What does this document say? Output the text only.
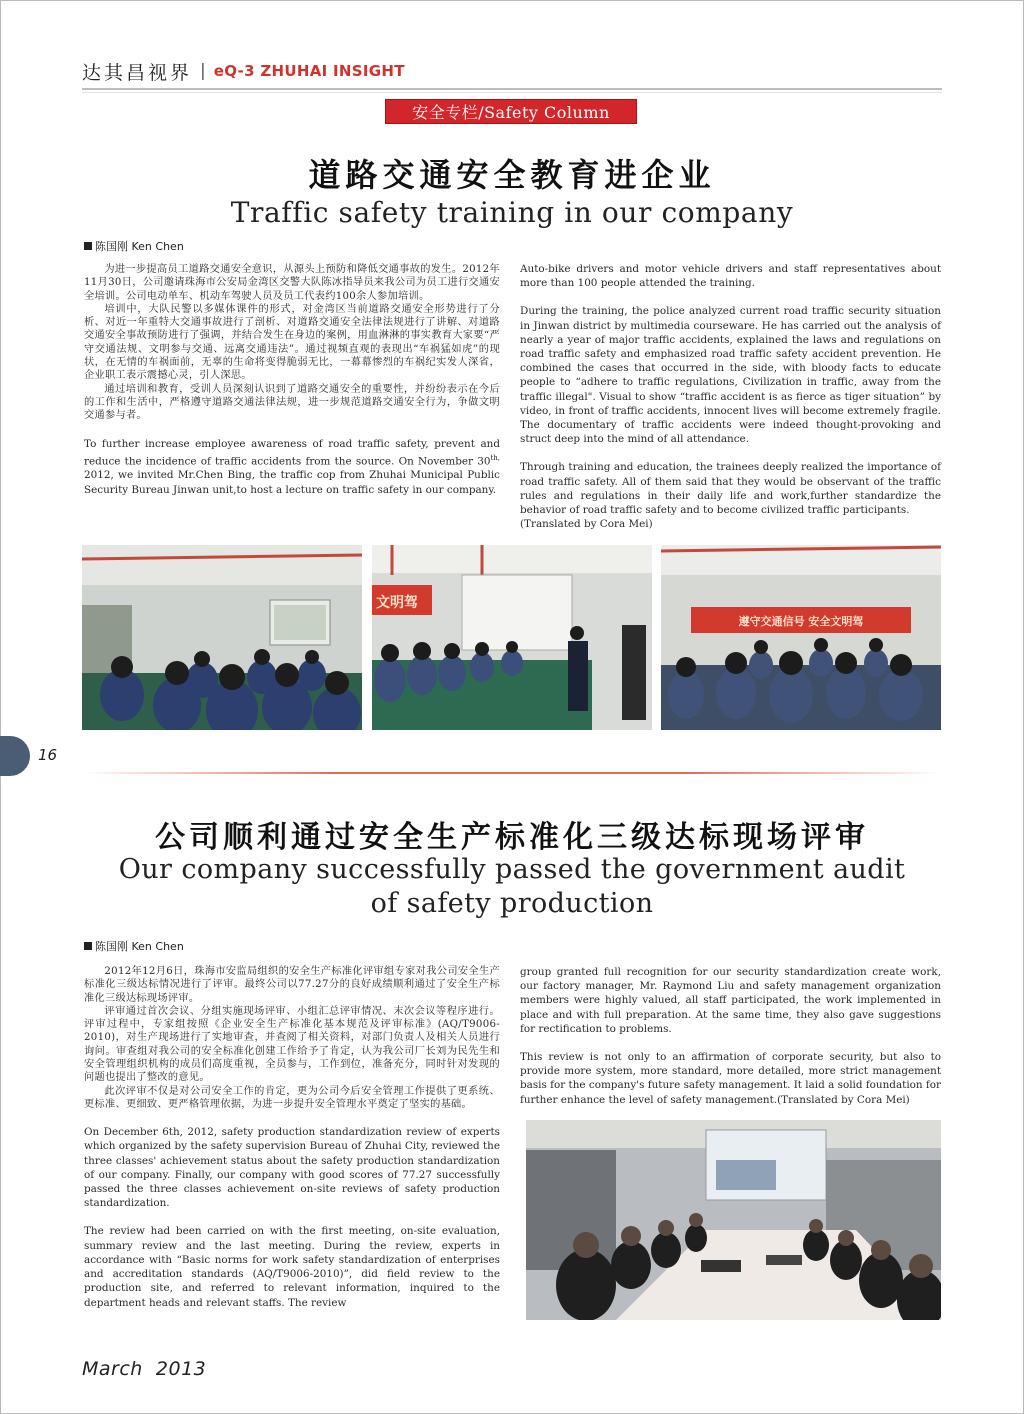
达其昌视界 | eQ-3 ZHUHAI INSIGHT
安全专栏/Safety Column
道路交通安全教育进企业
Traffic safety training in our company
陈国刚 Ken Chen

为进一步提高员工道路交通安全意识，从源头上预防和降低交通事故的发生。2012年11月30日，公司邀请珠海市公安局金湾区交警大队陈冰指导员来我公司为员工进行交通安全培训。公司电动单车、机动车驾驶人员及员工代表约100余人参加培训。

培训中，大队民警以多媒体课件的形式，对金湾区当前道路交通安全形势进行了分析、对近一年重特大交通事故进行了剖析、对道路交通安全法律法规进行了讲解、对道路交通安全事故预防进行了强调，并结合发生在身边的案例，用血淋淋的事实教育大家要“严守交通法规、文明参与交通、远离交通违法”。通过视频直观的表现出“车祸猛如虎”的现状，在无情的车祸面前，无辜的生命将变得脆弱无比，一幕幕惨烈的车祸纪实发人深省，企业职工表示震撼心灵，引人深思。

通过培训和教育，受训人员深刻认识到了道路交通安全的重要性，并纷纷表示在今后的工作和生活中，严格遵守道路交通法律法规，进一步规范道路交通安全行为，争做文明交通参与者。

To further increase employee awareness of road traffic safety, prevent and reduce the incidence of traffic accidents from the source. On November $30^{th,}$ 2012, we invited Mr.Chen Bing, the traffic cop from Zhuhai Municipal Public Security Bureau Jinwan unit,to host a lecture on traffic safety in our company.

Auto-bike drivers and motor vehicle drivers and staff representatives about more than 100 people attended the training.

During the training, the police analyzed current road traffic security situation in Jinwan district by multimedia courseware. He has carried out the analysis of nearly a year of major traffic accidents, explained the laws and regulations on road traffic safety and emphasized road traffic safety accident prevention. He combined the cases that occurred in the side, with bloody facts to educate people to “adhere to traffic regulations, Civilization in traffic, away from the traffic illegal". Visual to show “traffic accident is as fierce as tiger situation” by video, in front of traffic accidents, innocent lives will become extremely fragile. The documentary of traffic accidents were indeed thought-provoking and struct deep into the mind of all attendance.

Through training and education, the trainees deeply realized the importance of road traffic safety. All of them said that they would be observant of the traffic rules and regulations in their daily life and work,further standardize the behavior of road traffic safety and to become civilized traffic participants.

(Translated by Cora Mei)

文明驾
遵守交通信号 安全文明驾
16
公司顺利通过安全生产标准化三级达标现场评审
Our company successfully passed the government audit
of safety production
陈国刚 Ken Chen

2012年12月6日，珠海市安监局组织的安全生产标准化评审组专家对我公司安全生产标准化三级达标情况进行了评审。最终公司以77.27分的良好成绩顺利通过了安全生产标准化三级达标现场评审。

评审通过首次会议、分组实施现场评审、小组汇总评审情况、末次会议等程序进行。评审过程中，专家组按照《企业安全生产标准化基本规范及评审标准》(AQ/T9006-2010)，对生产现场进行了实地审查，并查阅了相关资料，对部门负责人及相关人员进行询问。审查组对我公司的安全标准化创建工作给予了肯定，认为我公司厂长刘为民先生和安全管理组织机构的成员们高度重视，全员参与，工作到位，准备充分，同时针对发现的问题也提出了整改的意见。

此次评审不仅是对公司安全工作的肯定，更为公司今后安全管理工作提供了更系统、更标准、更细致、更严格管理依据，为进一步提升安全管理水平奠定了坚实的基础。

On December 6th, 2012, safety production standardization review of experts which organized by the safety supervision Bureau of Zhuhai City, reviewed the three classes' achievement status about the safety production standardization of our company. Finally, our company with good scores of 77.27 successfully passed the three classes achievement on-site reviews of safety production standardization.

The review had been carried on with the first meeting, on-site evaluation, summary review and the last meeting. During the review, experts in accordance with “Basic norms for work safety standardization of enterprises and accreditation standards (AQ/T9006-2010)”, did field review to the production site, and referred to relevant information, inquired to the department heads and relevant staffs. The review

group granted full recognition for our security standardization create work, our factory manager, Mr. Raymond Liu and safety management organization members were highly valued, all staff participated, the work implemented in place and with full preparation. At the same time, they also gave suggestions for rectification to problems.

This review is not only to an affirmation of corporate security, but also to provide more system, more standard, more detailed, more strict management basis for the company's future safety management. It laid a solid foundation for further enhance the level of safety management.(Translated by Cora Mei)

March  2013
